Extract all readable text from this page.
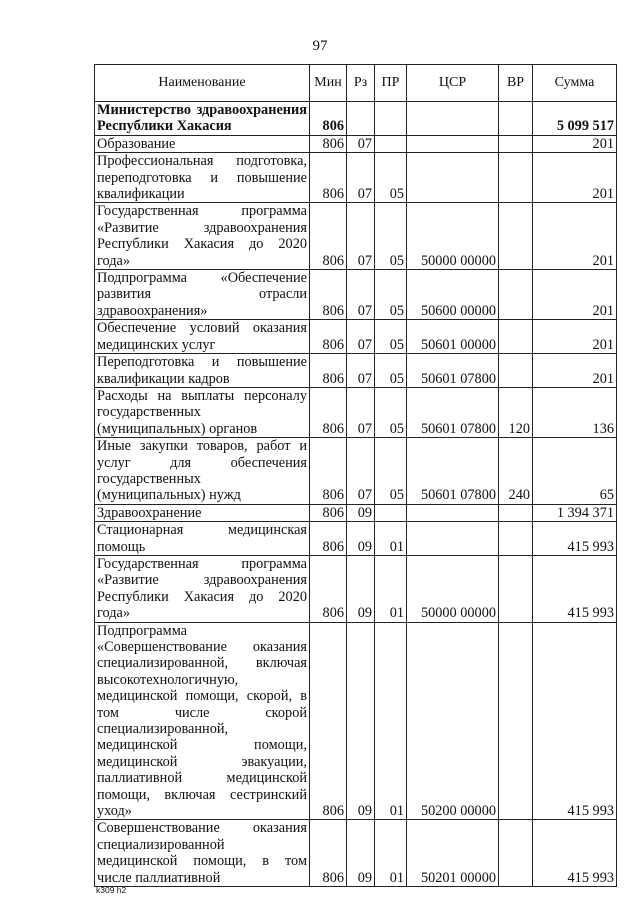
97
Наименование	Мин	Рз	ПР	ЦСР	ВР	Сумма
Министерство здравоохранения Республики Хакасия	806					5 099 517
Образование	806	07				201
Профессиональная подготовка, переподготовка и повышение квалификации	806	07	05			201
Государственная программа «Развитие здравоохранения Республики Хакасия до 2020 года»	806	07	05	50000 00000		201
Подпрограмма «Обеспечение развития отрасли здравоохранения»	806	07	05	50600 00000		201
Обеспечение условий оказания медицинских услуг	806	07	05	50601 00000		201
Переподготовка и повышение квалификации кадров	806	07	05	50601 07800		201
Расходы на выплаты персоналу государственных (муниципальных) органов	806	07	05	50601 07800	120	136
Иные закупки товаров, работ и услуг для обеспечения государственных (муниципальных) нужд	806	07	05	50601 07800	240	65
Здравоохранение	806	09				1 394 371
Стационарная медицинская помощь	806	09	01			415 993
Государственная программа «Развитие здравоохранения Республики Хакасия до 2020 года»	806	09	01	50000 00000		415 993
Подпрограмма «Совершенствование оказания специализированной, включая высокотехнологичную, медицинской помощи, скорой, в том числе скорой специализированной, медицинской помощи, медицинской эвакуации, паллиативной медицинской помощи, включая сестринский уход»	806	09	01	50200 00000		415 993
Совершенствование оказания специализированной медицинской помощи, в том числе паллиативной	806	09	01	50201 00000		415 993
k309 h2
